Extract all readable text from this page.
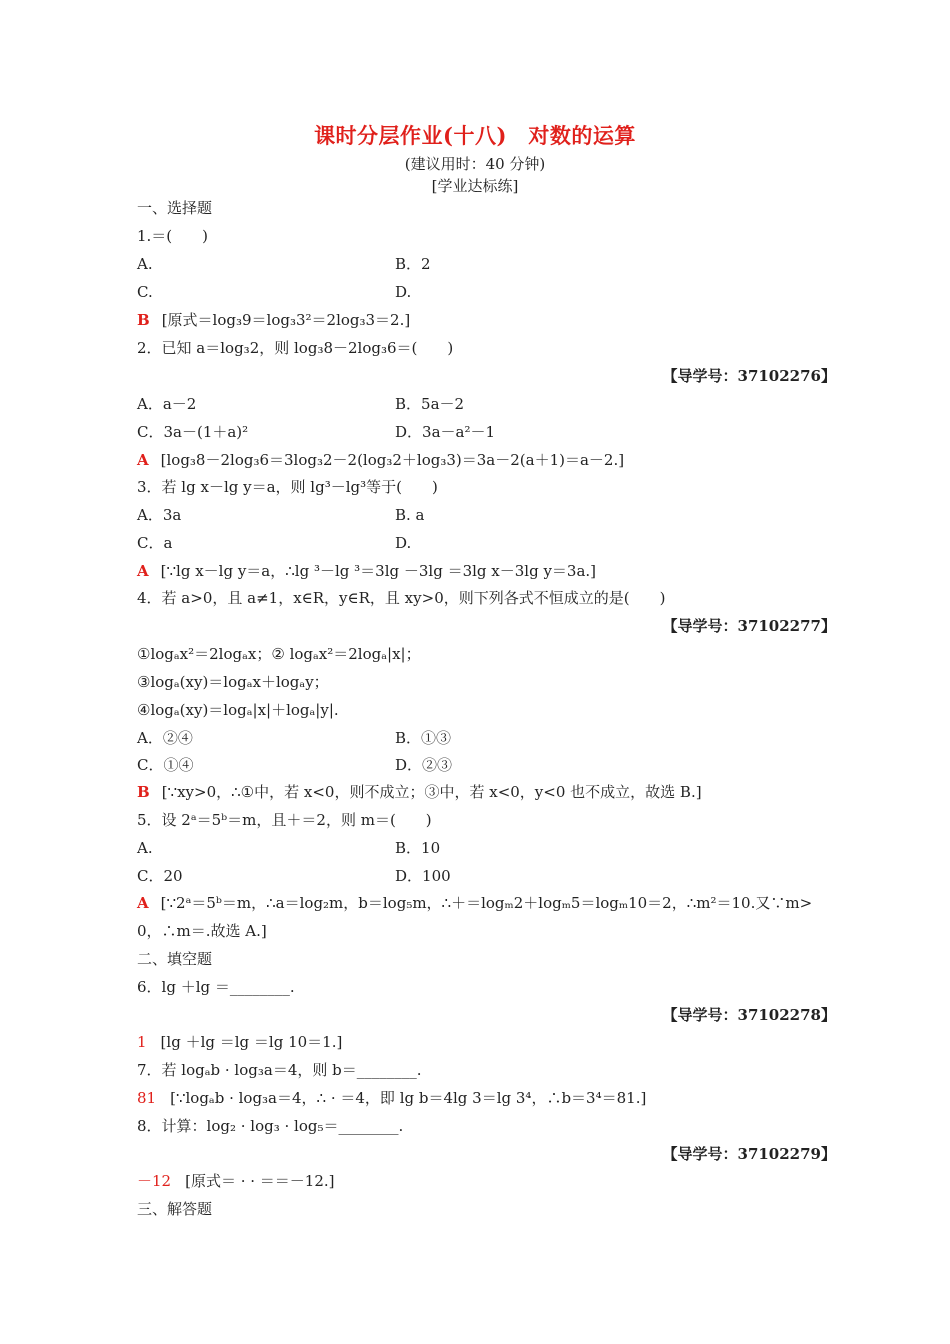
课时分层作业(十八)　对数的运算
(建议用时：40 分钟)
[学业达标练]
一、选择题
1.＝(　　)
A.	B．2
C.	D.
B [原式＝log₃9＝log₃3²＝2log₃3＝2.]
2．已知 a＝log₃2，则 log₃8－2log₃6＝(　　)
【导学号：37102276】
A．a－2	B．5a－2
C．3a－(1＋a)²	D．3a－a²－1
A [log₃8－2log₃6＝3log₃2－2(log₃2＋log₃3)＝3a－2(a＋1)＝a－2.]
3．若 lg x－lg y＝a，则 lg³－lg³等于(　　)
A．3a	B. a
C．a	D.
A [∵lg x－lg y＝a，∴lg ³－lg ³＝3lg －3lg ＝3lg x－3lg y＝3a.]
4．若 a>0，且 a≠1，x∈R，y∈R，且 xy>0，则下列各式不恒成立的是(　　)
【导学号：37102277】
①logₐx²＝2logₐx；② logₐx²＝2logₐ|x|；
③logₐ(xy)＝logₐx＋logₐy；
④logₐ(xy)＝logₐ|x|＋logₐ|y|.
A．②④	B．①③
C．①④	D．②③
B [∵xy>0，∴①中，若 x<0，则不成立；③中，若 x<0，y<0 也不成立，故选 B.]
5．设 2ᵃ＝5ᵇ＝m，且＋＝2，则 m＝(　　)
A.	B．10
C．20	D．100
A [∵2ᵃ＝5ᵇ＝m，∴a＝log₂m，b＝log₅m，∴＋＝logₘ2＋logₘ5＝logₘ10＝2，∴m²＝10.又∵m>
0，∴m＝.故选 A.]
二、填空题
6．lg ＋lg ＝________.
【导学号：37102278】
1 [lg ＋lg ＝lg ＝lg 10＝1.]
7．若 logₐb · log₃a＝4，则 b＝________.
81 [∵logₐb · log₃a＝4，∴ · ＝4，即 lg b＝4lg 3＝lg 3⁴，∴b＝3⁴＝81.]
8．计算：log₂ · log₃ · log₅＝________.
【导学号：37102279】
－12 [原式＝ · · ＝＝－12.]
三、解答题
